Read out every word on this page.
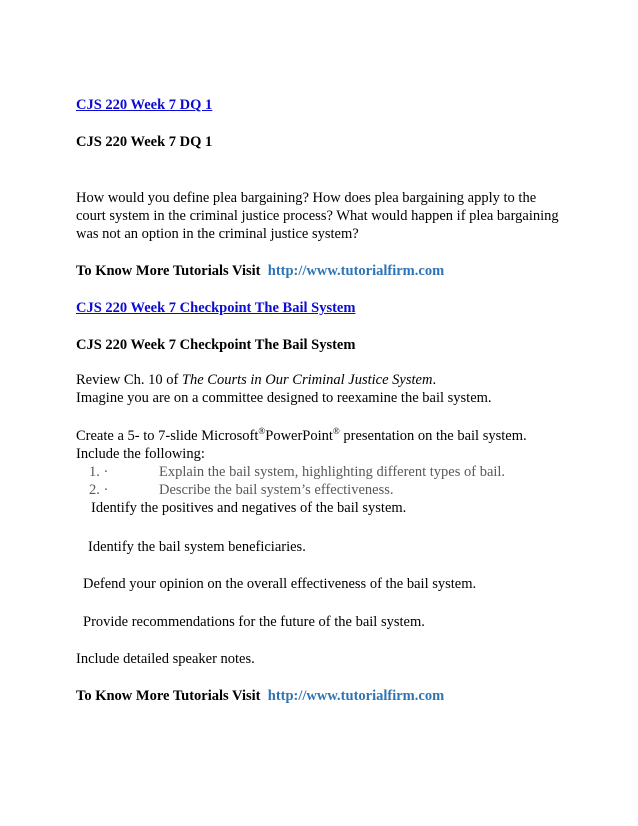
CJS 220 Week 7 DQ 1

CJS 220 Week 7 DQ 1

How would you define plea bargaining? How does plea bargaining apply to the

court system in the criminal justice process? What would happen if plea bargaining

was not an option in the criminal justice system?

To Know More Tutorials Visit http://www.tutorialfirm.com

CJS 220 Week 7 Checkpoint The Bail System

CJS 220 Week 7 Checkpoint The Bail System

Review Ch. 10 of The Courts in Our Criminal Justice System.

Imagine you are on a committee designed to reexamine the bail system.

Create a 5- to 7-slide Microsoft®PowerPoint® presentation on the bail system.

Include the following:

1. ·	Explain the bail system, highlighting different types of bail.

2. ·	Describe the bail system’s effectiveness.

Identify the positives and negatives of the bail system.

Identify the bail system beneficiaries.

Defend your opinion on the overall effectiveness of the bail system.

Provide recommendations for the future of the bail system.

Include detailed speaker notes.

To Know More Tutorials Visit http://www.tutorialfirm.com
